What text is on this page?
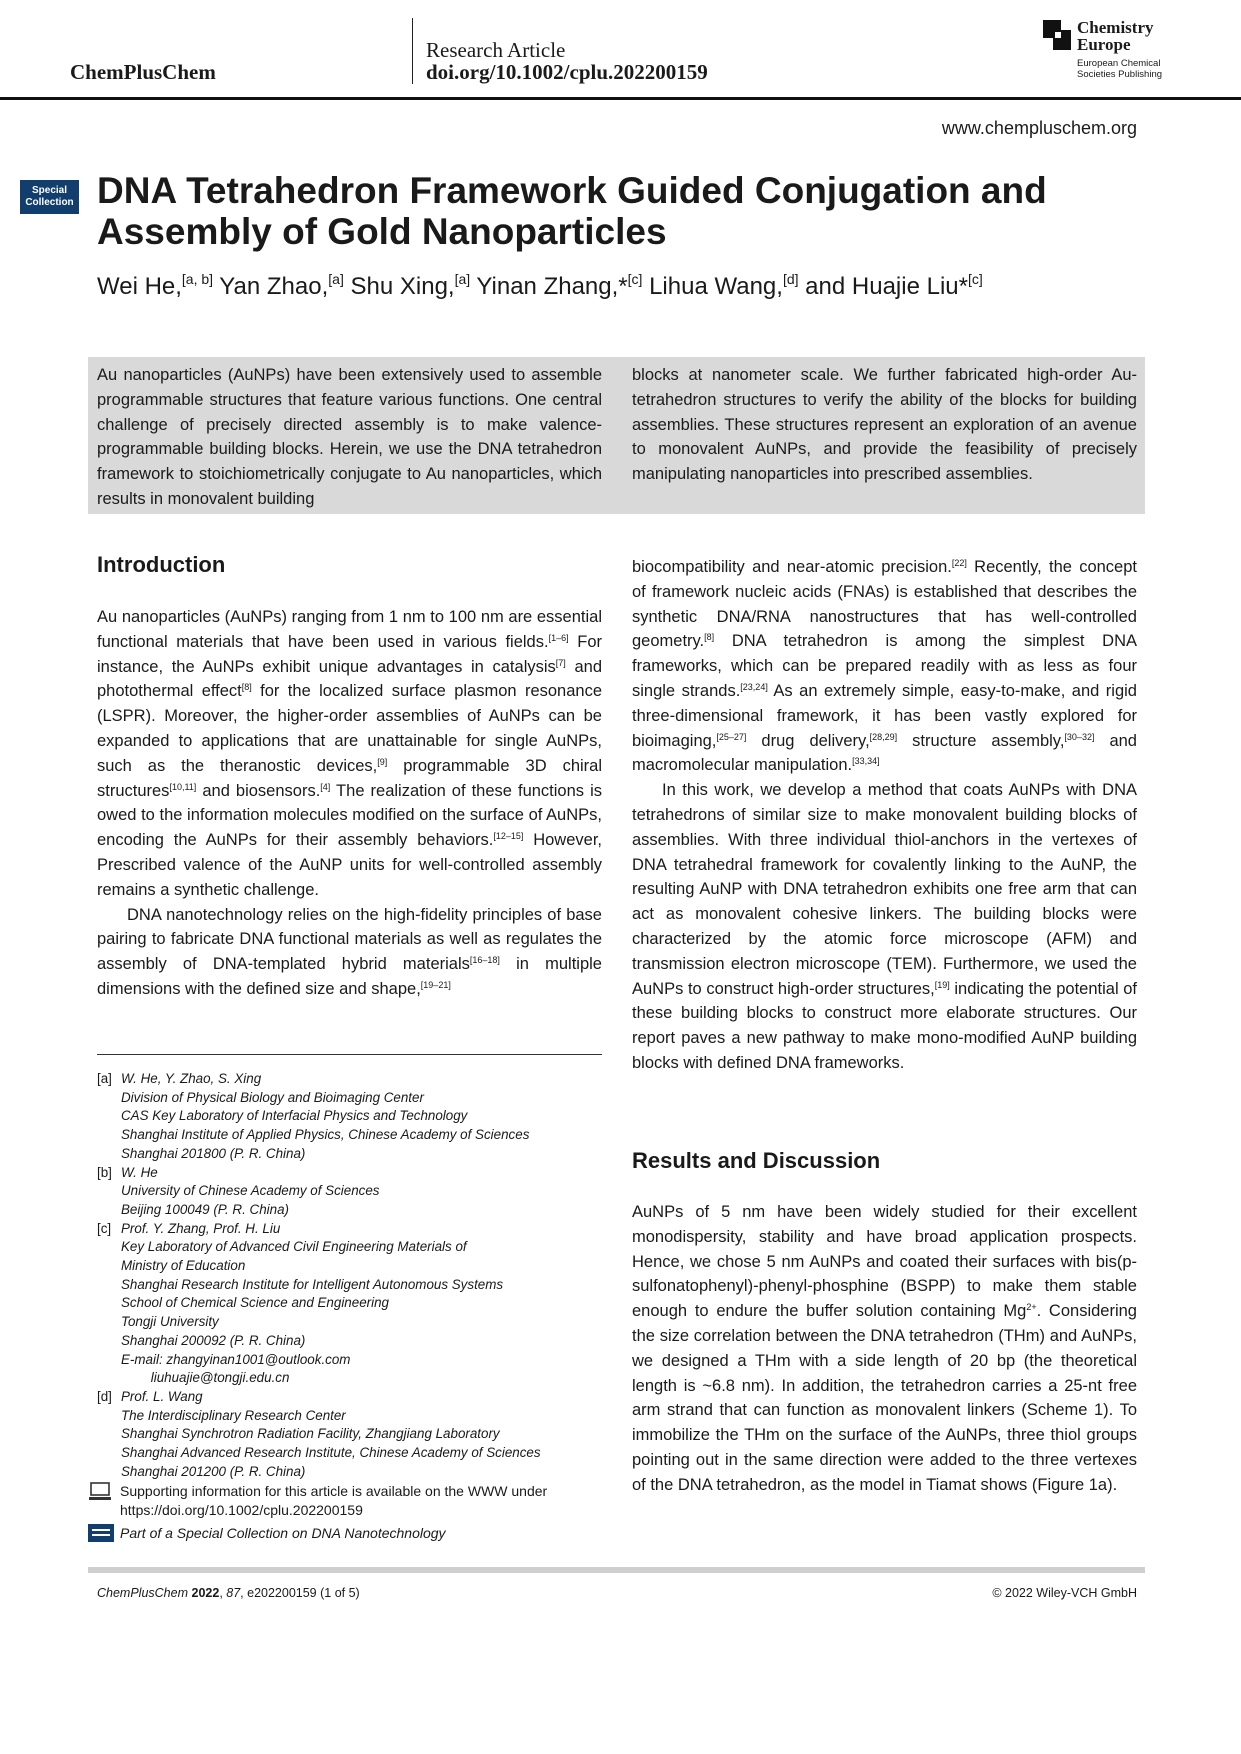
ChemPlusChem
Research Article
doi.org/10.1002/cplu.202200159
Chemistry
Europe
European Chemical
Societies Publishing
www.chempluschem.org
Special
Collection DNA Tetrahedron Framework Guided Conjugation and Assembly of Gold Nanoparticles
Wei He,[a, b] Yan Zhao,[a] Shu Xing,[a] Yinan Zhang,*[c] Lihua Wang,[d] and Huajie Liu*[c]
Au nanoparticles (AuNPs) have been extensively used to assemble programmable structures that feature various functions. One central challenge of precisely directed assembly is to make valence-programmable building blocks. Herein, we use the DNA tetrahedron framework to stoichiometrically conjugate to Au nanoparticles, which results in monovalent building
blocks at nanometer scale. We further fabricated high-order Au-tetrahedron structures to verify the ability of the blocks for building assemblies. These structures represent an exploration of an avenue to monovalent AuNPs, and provide the feasibility of precisely manipulating nanoparticles into prescribed assemblies.
Introduction

Au nanoparticles (AuNPs) ranging from 1 nm to 100 nm are essential functional materials that have been used in various fields.[1–6] For instance, the AuNPs exhibit unique advantages in catalysis[7] and photothermal effect[8] for the localized surface plasmon resonance (LSPR). Moreover, the higher-order assemblies of AuNPs can be expanded to applications that are unattainable for single AuNPs, such as the theranostic devices,[9] programmable 3D chiral structures[10,11] and biosensors.[4] The realization of these functions is owed to the information molecules modified on the surface of AuNPs, encoding the AuNPs for their assembly behaviors.[12–15] However, Prescribed valence of the AuNP units for well-controlled assembly remains a synthetic challenge.

DNA nanotechnology relies on the high-fidelity principles of base pairing to fabricate DNA functional materials as well as regulates the assembly of DNA-templated hybrid materials[16–18] in multiple dimensions with the defined size and shape,[19–21]

biocompatibility and near-atomic precision.[22] Recently, the concept of framework nucleic acids (FNAs) is established that describes the synthetic DNA/RNA nanostructures that has well-controlled geometry.[8] DNA tetrahedron is among the simplest DNA frameworks, which can be prepared readily with as less as four single strands.[23,24] As an extremely simple, easy-to-make, and rigid three-dimensional framework, it has been vastly explored for bioimaging,[25–27] drug delivery,[28,29] structure assembly,[30–32] and macromolecular manipulation.[33,34]

In this work, we develop a method that coats AuNPs with DNA tetrahedrons of similar size to make monovalent building blocks of assemblies. With three individual thiol-anchors in the vertexes of DNA tetrahedral framework for covalently linking to the AuNP, the resulting AuNP with DNA tetrahedron exhibits one free arm that can act as monovalent cohesive linkers. The building blocks were characterized by the atomic force microscope (AFM) and transmission electron microscope (TEM). Furthermore, we used the AuNPs to construct high-order structures,[19] indicating the potential of these building blocks to construct more elaborate structures. Our report paves a new pathway to make mono-modified AuNP building blocks with defined DNA frameworks.

Results and Discussion

AuNPs of 5 nm have been widely studied for their excellent monodispersity, stability and have broad application prospects. Hence, we chose 5 nm AuNPs and coated their surfaces with bis(p-sulfonatophenyl)-phenyl-phosphine (BSPP) to make them stable enough to endure the buffer solution containing $Mg^{2+}$. Considering the size correlation between the DNA tetrahedron (THm) and AuNPs, we designed a THm with a side length of 20 bp (the theoretical length is ~6.8 nm). In addition, the tetrahedron carries a 25-nt free arm strand that can function as monovalent linkers (Scheme 1). To immobilize the THm on the surface of the AuNPs, three thiol groups pointing out in the same direction were added to the three vertexes of the DNA tetrahedron, as the model in Tiamat shows (Figure 1a).

[a] W. He, Y. Zhao, S. Xing
Division of Physical Biology and Bioimaging Center
CAS Key Laboratory of Interfacial Physics and Technology
Shanghai Institute of Applied Physics, Chinese Academy of Sciences
Shanghai 201800 (P. R. China)
[b] W. He
University of Chinese Academy of Sciences
Beijing 100049 (P. R. China)
[c] Prof. Y. Zhang, Prof. H. Liu
Key Laboratory of Advanced Civil Engineering Materials of
Ministry of Education
Shanghai Research Institute for Intelligent Autonomous Systems
School of Chemical Science and Engineering
Tongji University
Shanghai 200092 (P. R. China)
E-mail: zhangyinan1001@outlook.com
liuhuajie@tongji.edu.cn
[d] Prof. L. Wang
The Interdisciplinary Research Center
Shanghai Synchrotron Radiation Facility, Zhangjiang Laboratory
Shanghai Advanced Research Institute, Chinese Academy of Sciences
Shanghai 201200 (P. R. China)
Supporting information for this article is available on the WWW under https://doi.org/10.1002/cplu.202200159
Part of a Special Collection on DNA Nanotechnology
ChemPlusChem 2022, 87, e202200159 (1 of 5)	© 2022 Wiley-VCH GmbH
